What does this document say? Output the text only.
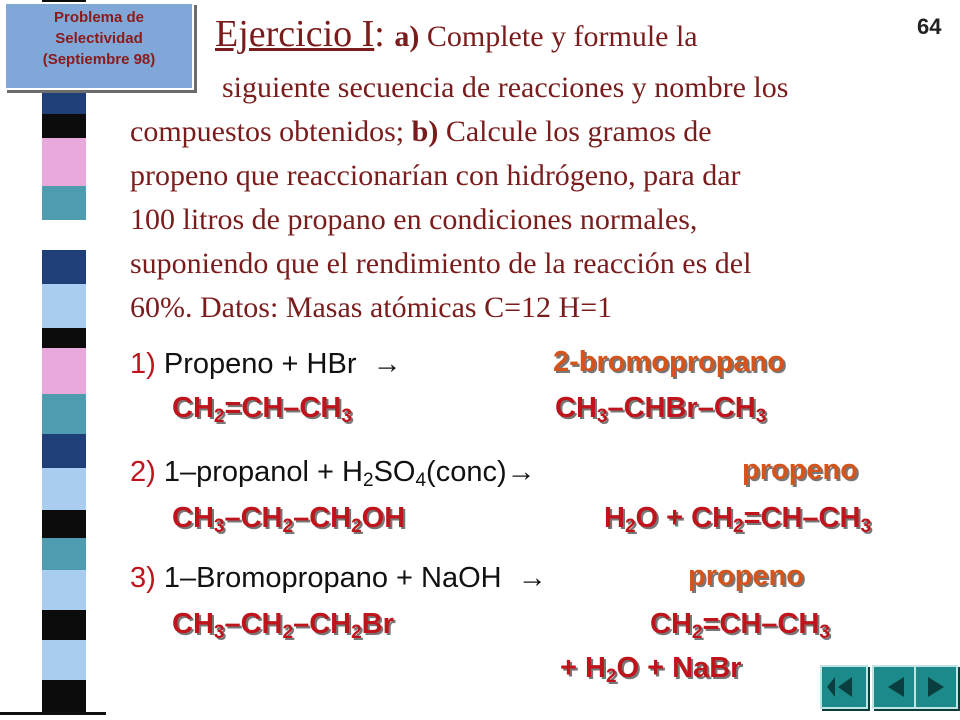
Problema de
Selectividad
(Septiembre 98)
64
Ejercicio I: a) Complete y formule la
siguiente secuencia de reacciones y nombre los
compuestos obtenidos; b) Calcule los gramos de
propeno que reaccionarían con hidrógeno, para dar
100 litros de propano en condiciones normales,
suponiendo que el rendimiento de la reacción es del
60%. Datos: Masas atómicas C=12 H=1
1) Propeno + HBr →	2-bromopropano
$CH_2=CH-CH_3$	$CH_3-CHBr-CH_3$
2) 1–propanol + $H_2SO_4(conc)\to$	propeno
$CH_3-CH_2-CH_2OH$	$H_2O + CH_2=CH-CH_3$
3) 1–Bromopropano + NaOH →	propeno
$CH_3-CH_2-CH_2Br$	$CH_2=CH-CH_3$
+ $H_2O$ + NaBr
